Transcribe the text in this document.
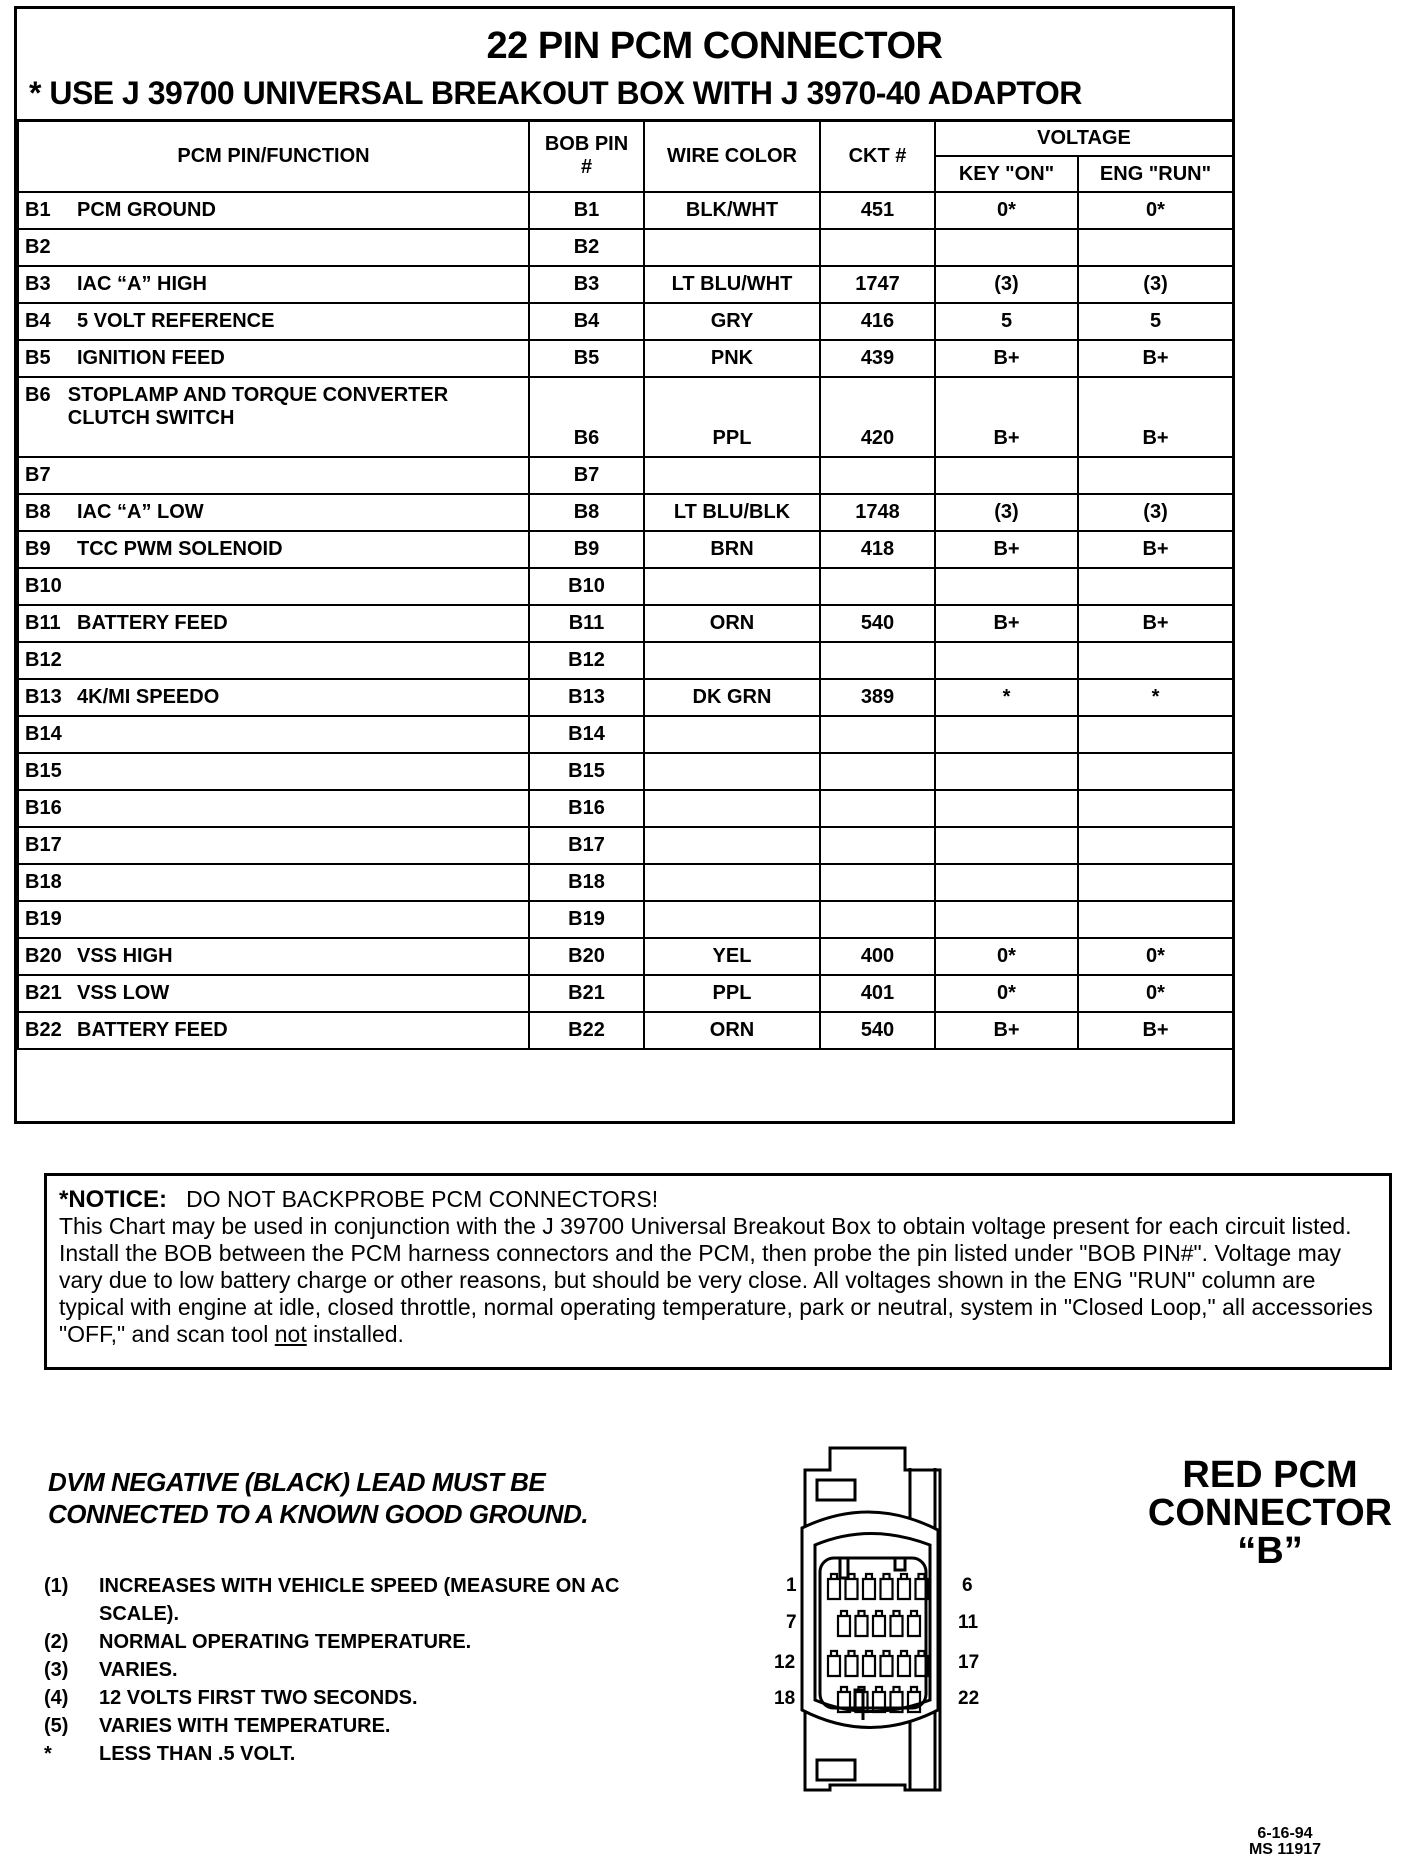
22 PIN PCM CONNECTOR
* USE J 39700 UNIVERSAL BREAKOUT BOX WITH J 3970-40 ADAPTOR
PCM PIN/FUNCTION	BOB PIN
#	WIRE COLOR	CKT #	VOLTAGE	
				KEY "ON"	ENG "RUN"

B1 PCM GROUND	B1	BLK/WHT	451	0*	0*

B2	B2				

B3 IAC “A” HIGH	B3	LT BLU/WHT	1747	(3)	(3)

B4 5 VOLT REFERENCE	B4	GRY	416	5	5

B5 IGNITION FEED	B5	PNK	439	B+	B+

B6 STOPLAMP AND TORQUE CONVERTER CLUTCH SWITCH	B6	PPL	420	B+	B+

B7	B7				

B8 IAC “A” LOW	B8	LT BLU/BLK	1748	(3)	(3)

B9 TCC PWM SOLENOID	B9	BRN	418	B+	B+

B10	B10				

B11 BATTERY FEED	B11	ORN	540	B+	B+

B12	B12				

B13 4K/MI SPEEDO	B13	DK GRN	389	*	*

B14	B14				

B15	B15				

B16	B16				

B17	B17				

B18	B18				

B19	B19				

B20 VSS HIGH	B20	YEL	400	0*	0*

B21 VSS LOW	B21	PPL	401	0*	0*

B22 BATTERY FEED	B22	ORN	540	B+	B+
*NOTICE: DO NOT BACKPROBE PCM CONNECTORS!
This Chart may be used in conjunction with the J 39700 Universal Breakout Box to obtain voltage present for each circuit listed. Install the BOB between the PCM harness connectors and the PCM, then probe the pin listed under "BOB PIN#". Voltage may vary due to low battery charge or other reasons, but should be very close. All voltages shown in the ENG "RUN" column are typical with engine at idle, closed throttle, normal operating temperature, park or neutral, system in "Closed Loop," all accessories "OFF," and scan tool not installed.
DVM NEGATIVE (BLACK) LEAD MUST BE
CONNECTED TO A KNOWN GOOD GROUND.
(1)	INCREASES WITH VEHICLE SPEED (MEASURE ON AC SCALE).
(2)	NORMAL OPERATING TEMPERATURE.
(3)	VARIES.
(4)	12 VOLTS FIRST TWO SECONDS.
(5)	VARIES WITH TEMPERATURE.
*	LESS THAN .5 VOLT.
1
7
12
18
6
11
17
22
RED PCM
CONNECTOR
“B”
6-16-94
MS 11917
